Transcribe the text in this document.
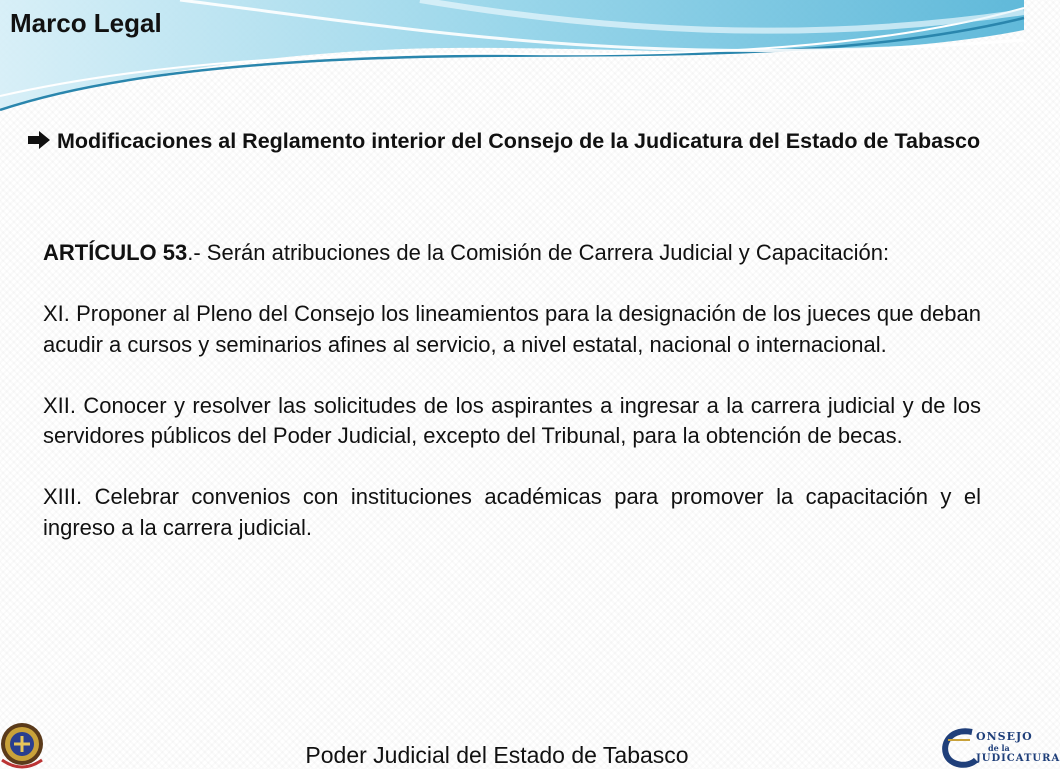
Marco Legal
Modificaciones al Reglamento interior del Consejo de la Judicatura del Estado de Tabasco

ARTÍCULO 53.- Serán atribuciones de la Comisión de Carrera Judicial y Capacitación:

XI. Proponer al Pleno del Consejo los lineamientos para la designación de los jueces que deban acudir a cursos y seminarios afines al servicio, a nivel estatal, nacional o internacional.

XII. Conocer y resolver las solicitudes de los aspirantes a ingresar a la carrera judicial y de los servidores públicos del Poder Judicial, excepto del Tribunal, para la obtención de becas.

XIII. Celebrar convenios con instituciones académicas para promover la capacitación y el ingreso a la carrera judicial.

Poder Judicial del Estado de Tabasco
ONSEJO
de la
JUDICATURA
